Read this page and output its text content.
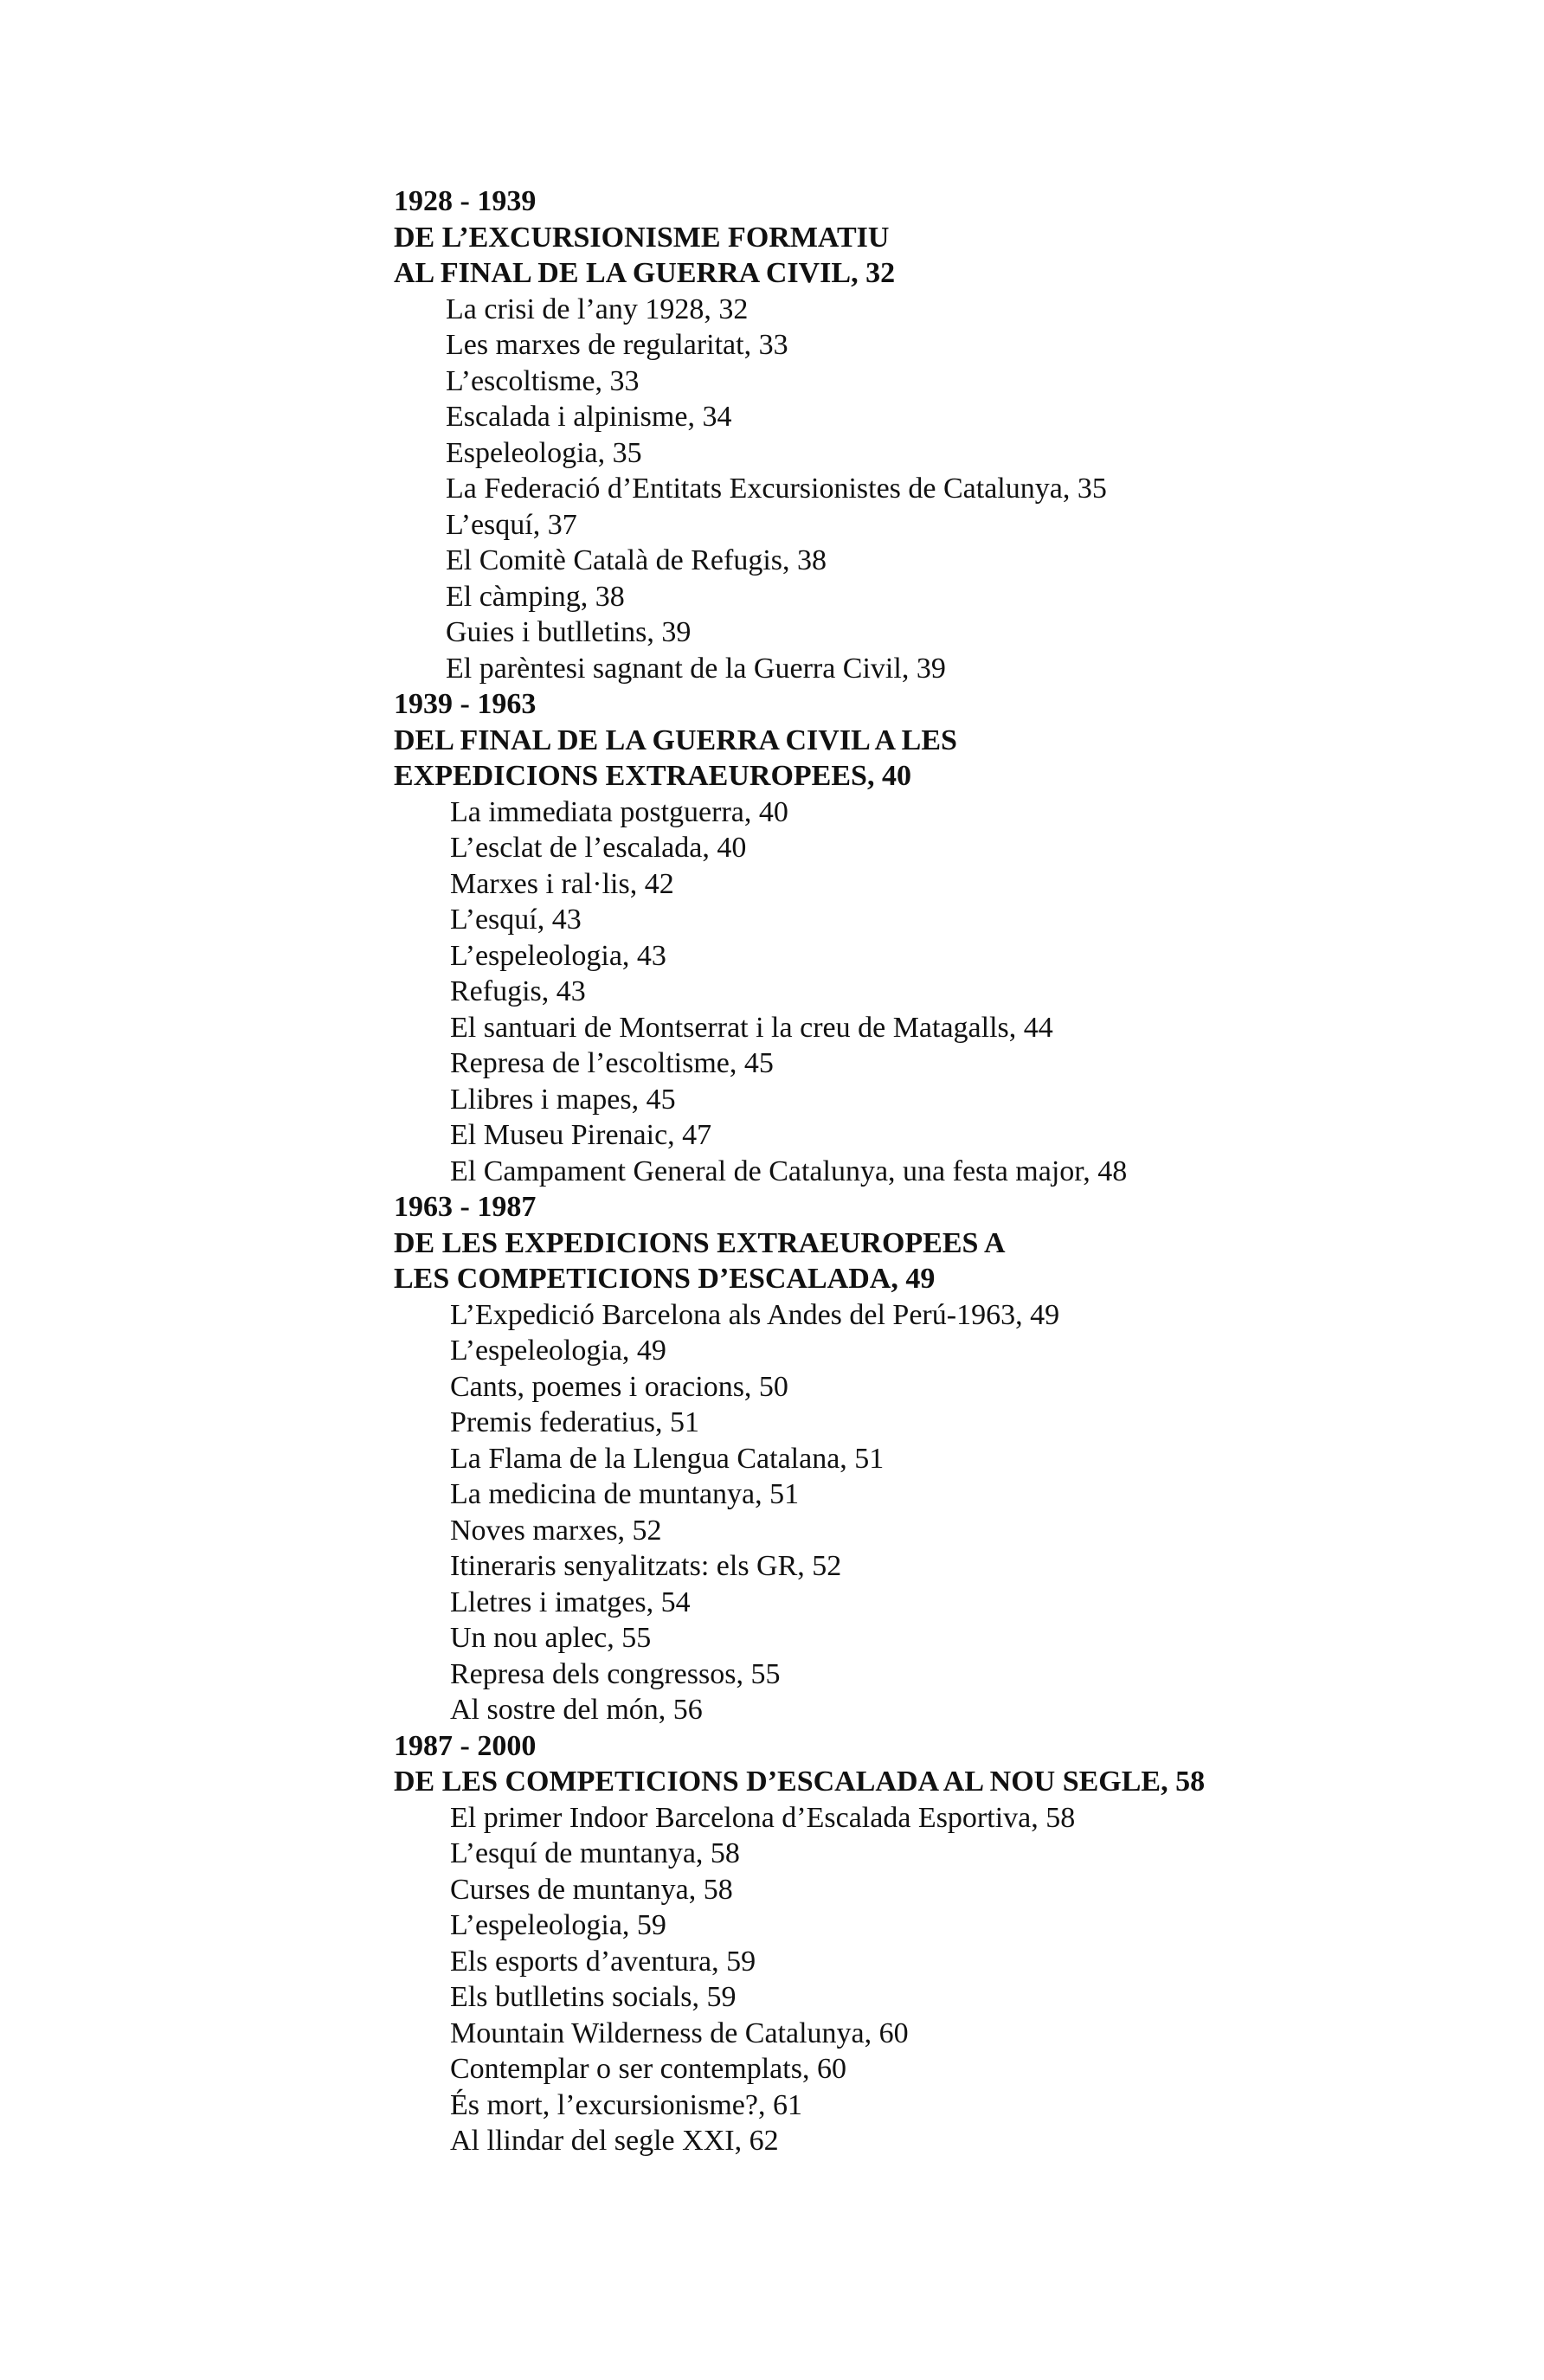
1928 - 1939
DE L’EXCURSIONISME FORMATIU
AL FINAL DE LA GUERRA CIVIL, 32
La crisi de l’any 1928, 32
Les marxes de regularitat, 33
L’escoltisme, 33
Escalada i alpinisme, 34
Espeleologia, 35
La Federació d’Entitats Excursionistes de Catalunya, 35
L’esquí, 37
El Comitè Català de Refugis, 38
El càmping, 38
Guies i butlletins, 39
El parèntesi sagnant de la Guerra Civil, 39
1939 - 1963
DEL FINAL DE LA GUERRA CIVIL A LES
EXPEDICIONS EXTRAEUROPEES, 40
La immediata postguerra, 40
L’esclat de l’escalada, 40
Marxes i ral·lis, 42
L’esquí, 43
L’espeleologia, 43
Refugis, 43
El santuari de Montserrat i la creu de Matagalls, 44
Represa de l’escoltisme, 45
Llibres i mapes, 45
El Museu Pirenaic, 47
El Campament General de Catalunya, una festa major, 48
1963 - 1987
DE LES EXPEDICIONS EXTRAEUROPEES A
LES COMPETICIONS D’ESCALADA, 49
L’Expedició Barcelona als Andes del Perú-1963, 49
L’espeleologia, 49
Cants, poemes i oracions, 50
Premis federatius, 51
La Flama de la Llengua Catalana, 51
La medicina de muntanya, 51
Noves marxes, 52
Itineraris senyalitzats: els GR, 52
Lletres i imatges, 54
Un nou aplec, 55
Represa dels congressos, 55
Al sostre del món, 56
1987 - 2000
DE LES COMPETICIONS D’ESCALADA AL NOU SEGLE, 58
El primer Indoor Barcelona d’Escalada Esportiva, 58
L’esquí de muntanya, 58
Curses de muntanya, 58
L’espeleologia, 59
Els esports d’aventura, 59
Els butlletins socials, 59
Mountain Wilderness de Catalunya, 60
Contemplar o ser contemplats, 60
És mort, l’excursionisme?, 61
Al llindar del segle XXI, 62
